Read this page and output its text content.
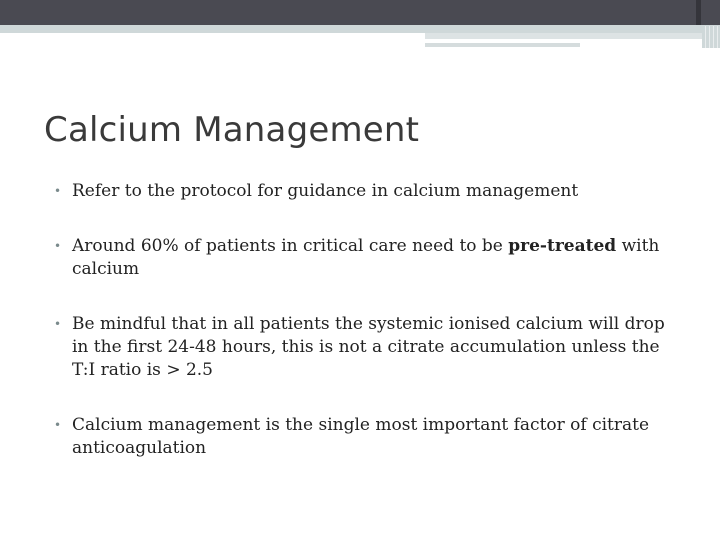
Calcium Management
• Refer to the protocol for guidance in calcium management
• Around 60% of patients in critical care need to be pre-treated with calcium
• Be mindful that in all patients the systemic ionised calcium will drop in the first 24-48 hours, this is not a citrate accumulation unless the T:I ratio is > 2.5
• Calcium management is the single most important factor of citrate anticoagulation
